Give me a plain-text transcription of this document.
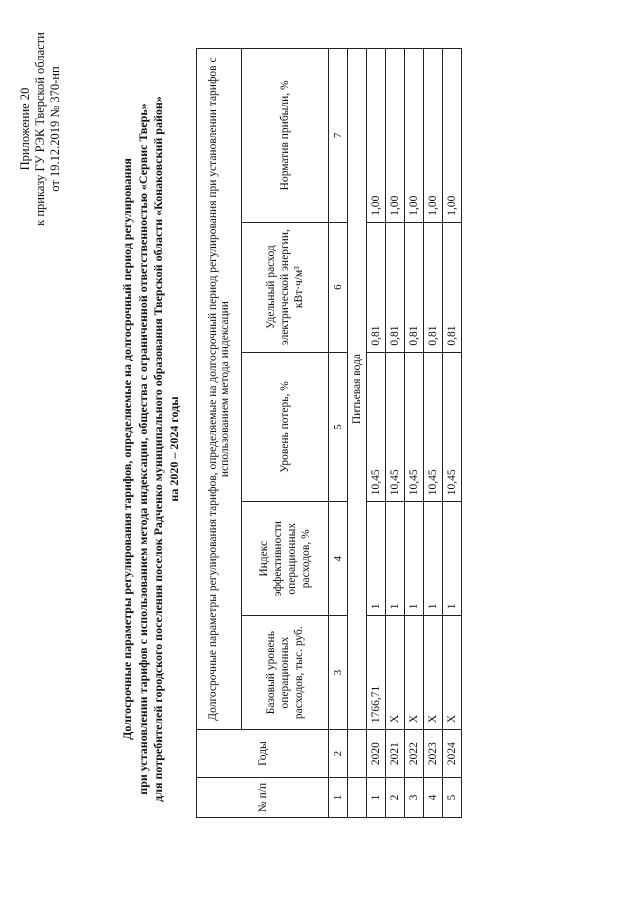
Приложение 20 к приказу ГУ РЭК Тверской области от 19.12.2019 № 370-нп
Долгосрочные параметры регулирования тарифов, определяемые на долгосрочный период регулирования при установлении тарифов с использованием метода индексации, общества с ограниченной ответственностью «Сервис Тверь» для потребителей городского поселения поселок Радченко муниципального образования Тверской области «Конаковский район» на 2020 – 2024 годы
№ п/п	Годы	Долгосрочные параметры регулирования тарифов, определяемые на долгосрочный период регулирования при установлении тарифов с использованием метода индексации				
		Базовый уровень операционных расходов, тыс. руб.	Индекс эффективности операционных расходов, %	Уровень потерь, %	Удельный расход электрической энергии, кВт·ч/м³	Норматив прибыли, %
1	2	3	4	5	6	7
		Питьевая вода				
1	2020	1766,71	1	10,45	0,81	1,00
2	2021	X	1	10,45	0,81	1,00
3	2022	X	1	10,45	0,81	1,00
4	2023	X	1	10,45	0,81	1,00
5	2024	X	1	10,45	0,81	1,00
